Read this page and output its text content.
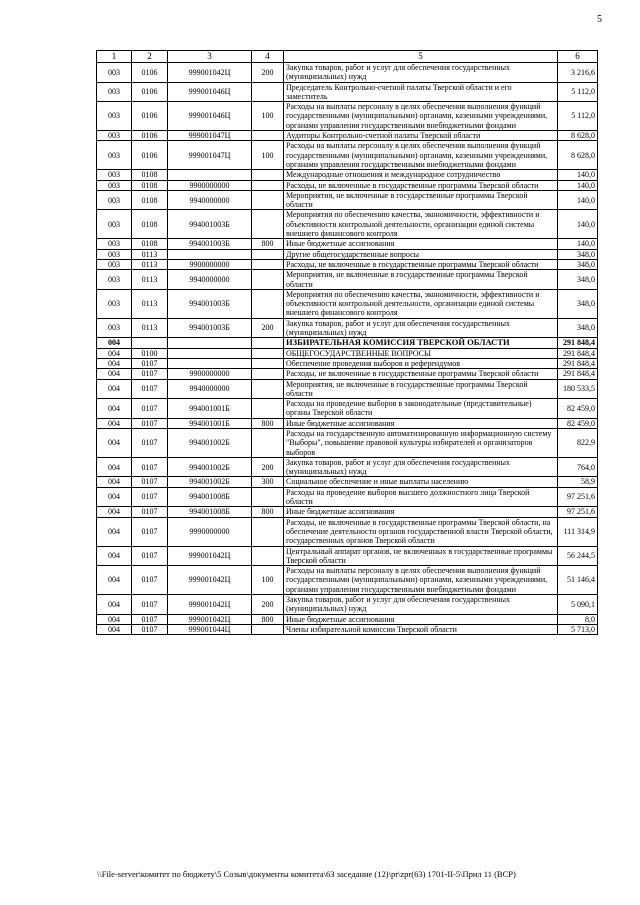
5
1	2	3	4	5	6
003	0106	999001042Ц	200	Закупка товаров, работ и услуг для обеспечения государственных (муниципальных) нужд	3 216,6
003	0106	999001046Ц		Председатель Контрольно-счетной палаты Тверской области и его заместитель	5 112,0
003	0106	999001046Ц	100	Расходы на выплаты персоналу в целях обеспечения выполнения функций государственными (муниципальными) органами, казенными учреждениями, органами управления государственными внебюджетными фондами	5 112,0
003	0106	999001047Ц		Аудиторы Контрольно-счетной палаты Тверской области	8 628,0
003	0106	999001047Ц	100	Расходы на выплаты персоналу в целях обеспечения выполнения функций государственными (муниципальными) органами, казенными учреждениями, органами управления государственными внебюджетными фондами	8 628,0
003	0108			Международные отношения и международное сотрудничество	140,0
003	0108	9900000000		Расходы, не включенные в государственные программы Тверской области	140,0
003	0108	9940000000		Мероприятия, не включенные в государственные программы Тверской области	140,0
003	0108	994001003Б		Мероприятия по обеспечению качества, экономичности, эффективности и объективности контрольной деятельности, организации единой системы внешнего финансового контроля	140,0
003	0108	994001003Б	800	Иные бюджетные ассигнования	140,0
003	0113			Другие общегосударственные вопросы	348,0
003	0113	9900000000		Расходы, не включенные в государственные программы Тверской области	348,0
003	0113	9940000000		Мероприятия, не включенные в государственные программы Тверской области	348,0
003	0113	994001003Б		Мероприятия по обеспечению качества, экономичности, эффективности и объективности контрольной деятельности, организации единой системы внешнего финансового контроля	348,0
003	0113	994001003Б	200	Закупка товаров, работ и услуг для обеспечения государственных (муниципальных) нужд	348,0
004				ИЗБИРАТЕЛЬНАЯ КОМИССИЯ ТВЕРСКОЙ ОБЛАСТИ	291 848,4
004	0100			ОБЩЕГОСУДАРСТВЕННЫЕ ВОПРОСЫ	291 848,4
004	0107			Обеспечение проведения выборов и референдумов	291 848,4
004	0107	9900000000		Расходы, не включенные в государственные программы Тверской области	291 848,4
004	0107	9940000000		Мероприятия, не включенные в государственные программы Тверской области	180 533,5
004	0107	994001001Б		Расходы на проведение выборов в законодательные (представительные) органы Тверской области	82 459,0
004	0107	994001001Б	800	Иные бюджетные ассигнования	82 459,0
004	0107	994001002Б		Расходы на государственную автоматизированную информационную систему "Выборы", повышение правовой культуры избирателей и организаторов выборов	822,9
004	0107	994001002Б	200	Закупка товаров, работ и услуг для обеспечения государственных (муниципальных) нужд	764,0
004	0107	994001002Б	300	Социальное обеспечение и иные выплаты населению	58,9
004	0107	994001008Б		Расходы на проведение выборов высшего должностного лица Тверской области	97 251,6
004	0107	994001008Б	800	Иные бюджетные ассигнования	97 251,6
004	0107	9990000000		Расходы, не включенные в государственные программы Тверской области, на обеспечение деятельности органов государственной власти Тверской области, государственных органов Тверской области	111 314,9
004	0107	999001042Ц		Центральный аппарат органов, не включенных в государственные программы Тверской области	56 244,5
004	0107	999001042Ц	100	Расходы на выплаты персоналу в целях обеспечения выполнения функций государственными (муниципальными) органами, казенными учреждениями, органами управления государственными внебюджетными фондами	51 146,4
004	0107	999001042Ц	200	Закупка товаров, работ и услуг для обеспечения государственных (муниципальных) нужд	5 090,1
004	0107	999001042Ц	800	Иные бюджетные ассигнования	8,0
004	0107	999001044Ц		Члены избирательной комиссии Тверской области	5 713,0
\\File-server\комитет по бюджету\5 Созыв\документы комитета\63 заседание (12)\pr\zpr(63) 1701-II-5\Прил 11 (ВСР)
